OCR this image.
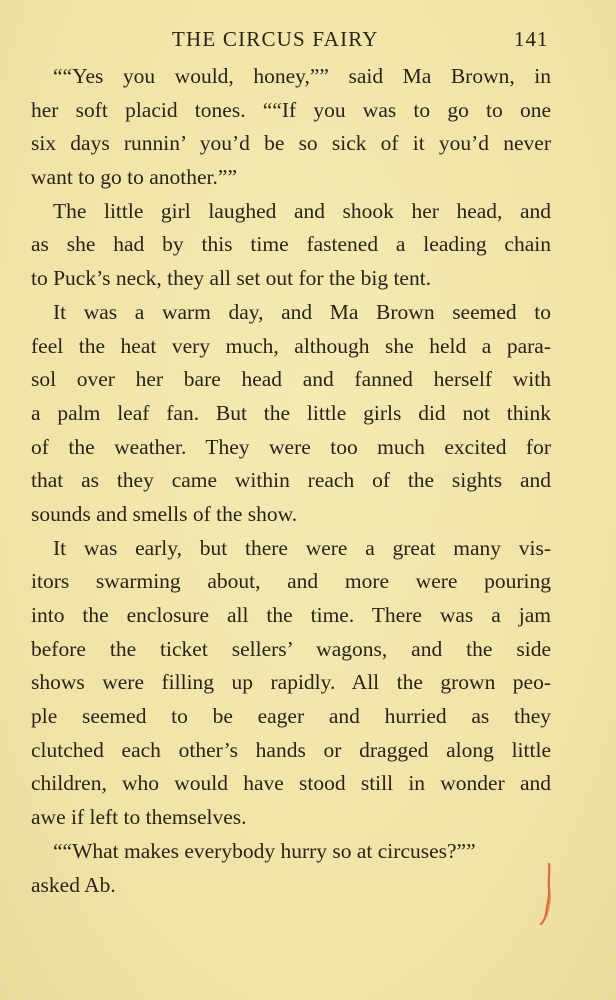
THE CIRCUS FAIRY	141
““Yes you would, honey,”” said Ma Brown, in
her soft placid tones. ““If you was to go to one
six days runnin’ you’d be so sick of it you’d never
want to go to another.””
The little girl laughed and shook her head, and
as she had by this time fastened a leading chain
to Puck’s neck, they all set out for the big tent.
It was a warm day, and Ma Brown seemed to
feel the heat very much, although she held a para-
sol over her bare head and fanned herself with
a palm leaf fan. But the little girls did not think
of the weather. They were too much excited for
that as they came within reach of the sights and
sounds and smells of the show.
It was early, but there were a great many vis-
itors swarming about, and more were pouring
into the enclosure all the time. There was a jam
before the ticket sellers’ wagons, and the side
shows were filling up rapidly. All the grown peo-
ple seemed to be eager and hurried as they
clutched each other’s hands or dragged along little
children, who would have stood still in wonder and
awe if left to themselves.
““What makes everybody hurry so at circuses?””
asked Ab.
